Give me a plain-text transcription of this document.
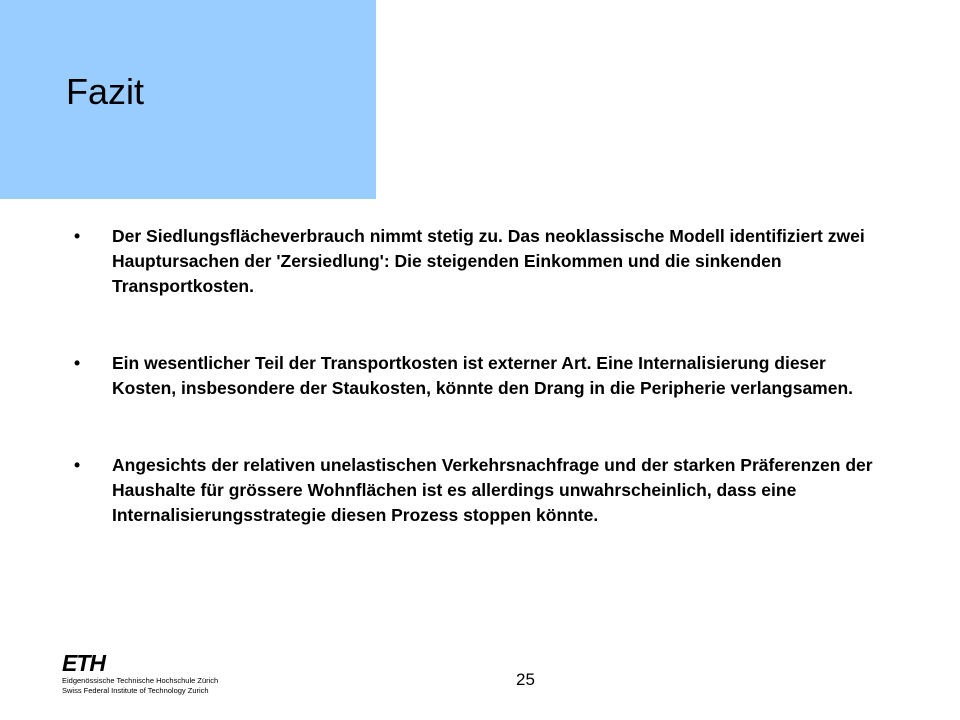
Fazit
• Der Siedlungsflächeverbrauch nimmt stetig zu. Das neoklassische Modell identifiziert zwei Hauptursachen der 'Zersiedlung': Die steigenden Einkommen und die sinkenden Transportkosten.
• Ein wesentlicher Teil der Transportkosten ist externer Art. Eine Internalisierung dieser Kosten, insbesondere der Staukosten, könnte den Drang in die Peripherie verlangsamen.
• Angesichts der relativen unelastischen Verkehrsnachfrage und der starken Präferenzen der Haushalte für grössere Wohnflächen ist es allerdings unwahrscheinlich, dass eine Internalisierungsstrategie diesen Prozess stoppen könnte.
ETH
Eidgenössische Technische Hochschule Zürich
Swiss Federal Institute of Technology Zurich
25
